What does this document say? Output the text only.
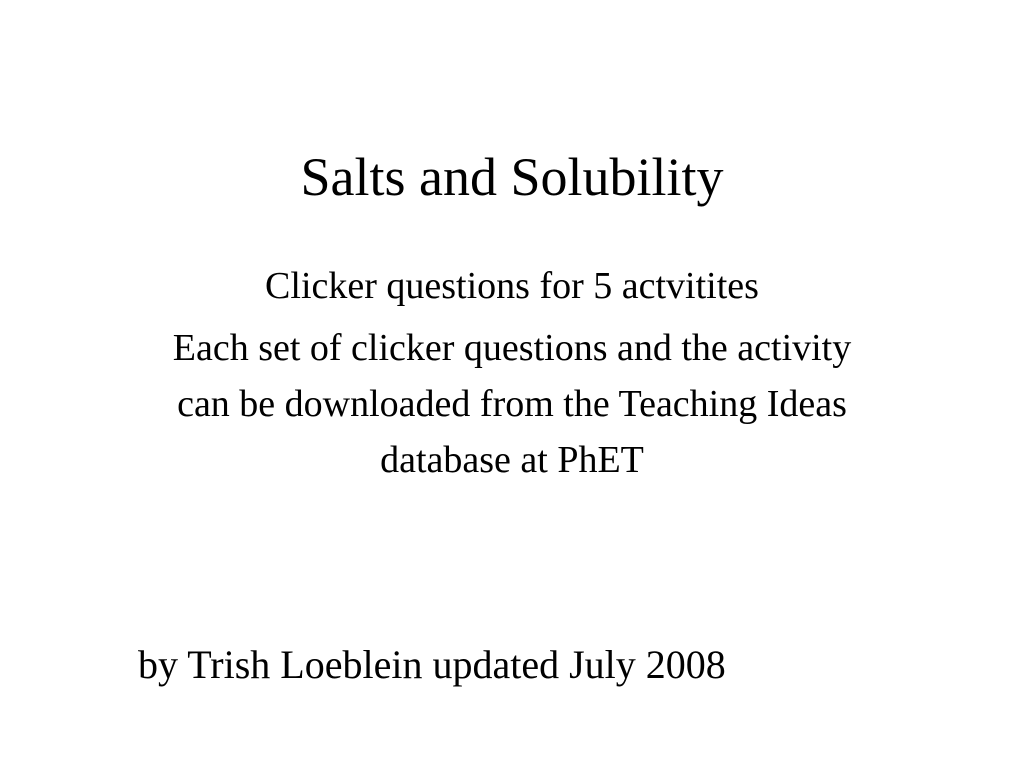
Salts and Solubility

Clicker questions for 5 actvitites

Each set of clicker questions and the activity can be downloaded from the Teaching Ideas database at PhET

by Trish Loeblein updated July 2008
